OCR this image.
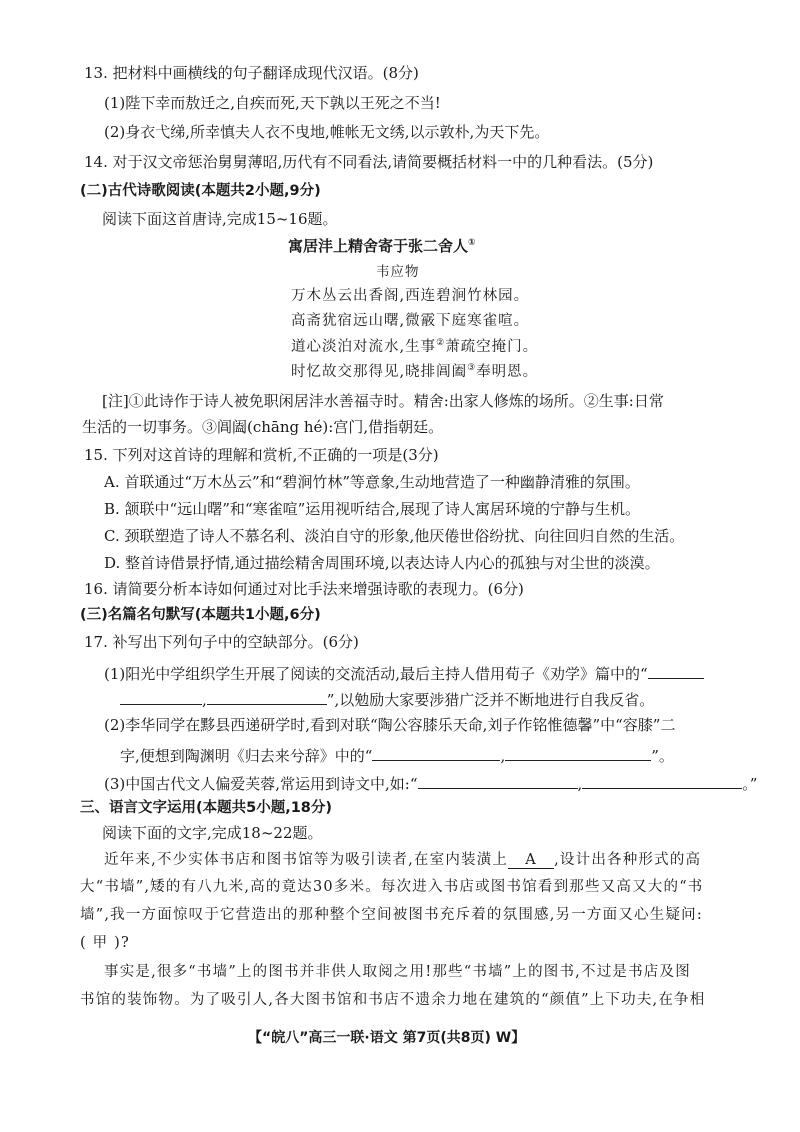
13. 把材料中画横线的句子翻译成现代汉语。(8分)
(1)陛下幸而敖迁之,自疾而死,天下孰以王死之不当!
(2)身衣弋绨,所幸慎夫人衣不曳地,帷帐无文绣,以示敦朴,为天下先。
14. 对于汉文帝惩治舅舅薄昭,历代有不同看法,请简要概括材料一中的几种看法。(5分)
(二)古代诗歌阅读(本题共2小题,9分)
阅读下面这首唐诗,完成15~16题。
寓居沣上精舍寄于张二舍人①
韦应物
万木丛云出香阁,西连碧涧竹林园。
高斋犹宿远山曙,微霰下庭寒雀喧。
道心淡泊对流水,生事②萧疏空掩门。
时忆故交那得见,晓排阊阖③奉明恩。
[注]①此诗作于诗人被免职闲居沣水善福寺时。精舍:出家人修炼的场所。②生事:日常
生活的一切事务。③阊阖(chāng hé):宫门,借指朝廷。
15. 下列对这首诗的理解和赏析,不正确的一项是(3分)
A. 首联通过“万木丛云”和“碧涧竹林”等意象,生动地营造了一种幽静清雅的氛围。
B. 颔联中“远山曙”和“寒雀喧”运用视听结合,展现了诗人寓居环境的宁静与生机。
C. 颈联塑造了诗人不慕名利、淡泊自守的形象,他厌倦世俗纷扰、向往回归自然的生活。
D. 整首诗借景抒情,通过描绘精舍周围环境,以表达诗人内心的孤独与对尘世的淡漠。
16. 请简要分析本诗如何通过对比手法来增强诗歌的表现力。(6分)
(三)名篇名句默写(本题共1小题,6分)
17. 补写出下列句子中的空缺部分。(6分)
(1)阳光中学组织学生开展了阅读的交流活动,最后主持人借用荀子《劝学》篇中的“
,	”,以勉励大家要涉猎广泛并不断地进行自我反省。
(2)李华同学在黟县西递研学时,看到对联“陶公容膝乐天命,刘子作铭惟德馨”中“容膝”二
字,便想到陶渊明《归去来兮辞》中的“	,	”。
(3)中国古代文人偏爱芙蓉,常运用到诗文中,如:“	,	。”
三、语言文字运用(本题共5小题,18分)
阅读下面的文字,完成18~22题。
近年来,不少实体书店和图书馆等为吸引读者,在室内装潢上 A ,设计出各种形式的高
大“书墙”,矮的有八九米,高的竟达30多米。每次进入书店或图书馆看到那些又高又大的“书
墙”,我一方面惊叹于它营造出的那种整个空间被图书充斥着的氛围感,另一方面又心生疑问:
( 甲 )?
事实是,很多“书墙”上的图书并非供人取阅之用!那些“书墙”上的图书,不过是书店及图
书馆的装饰物。为了吸引人,各大图书馆和书店不遗余力地在建筑的“颜值”上下功夫,在争相
【“皖八”高三一联·语文 第7页(共8页) W】
